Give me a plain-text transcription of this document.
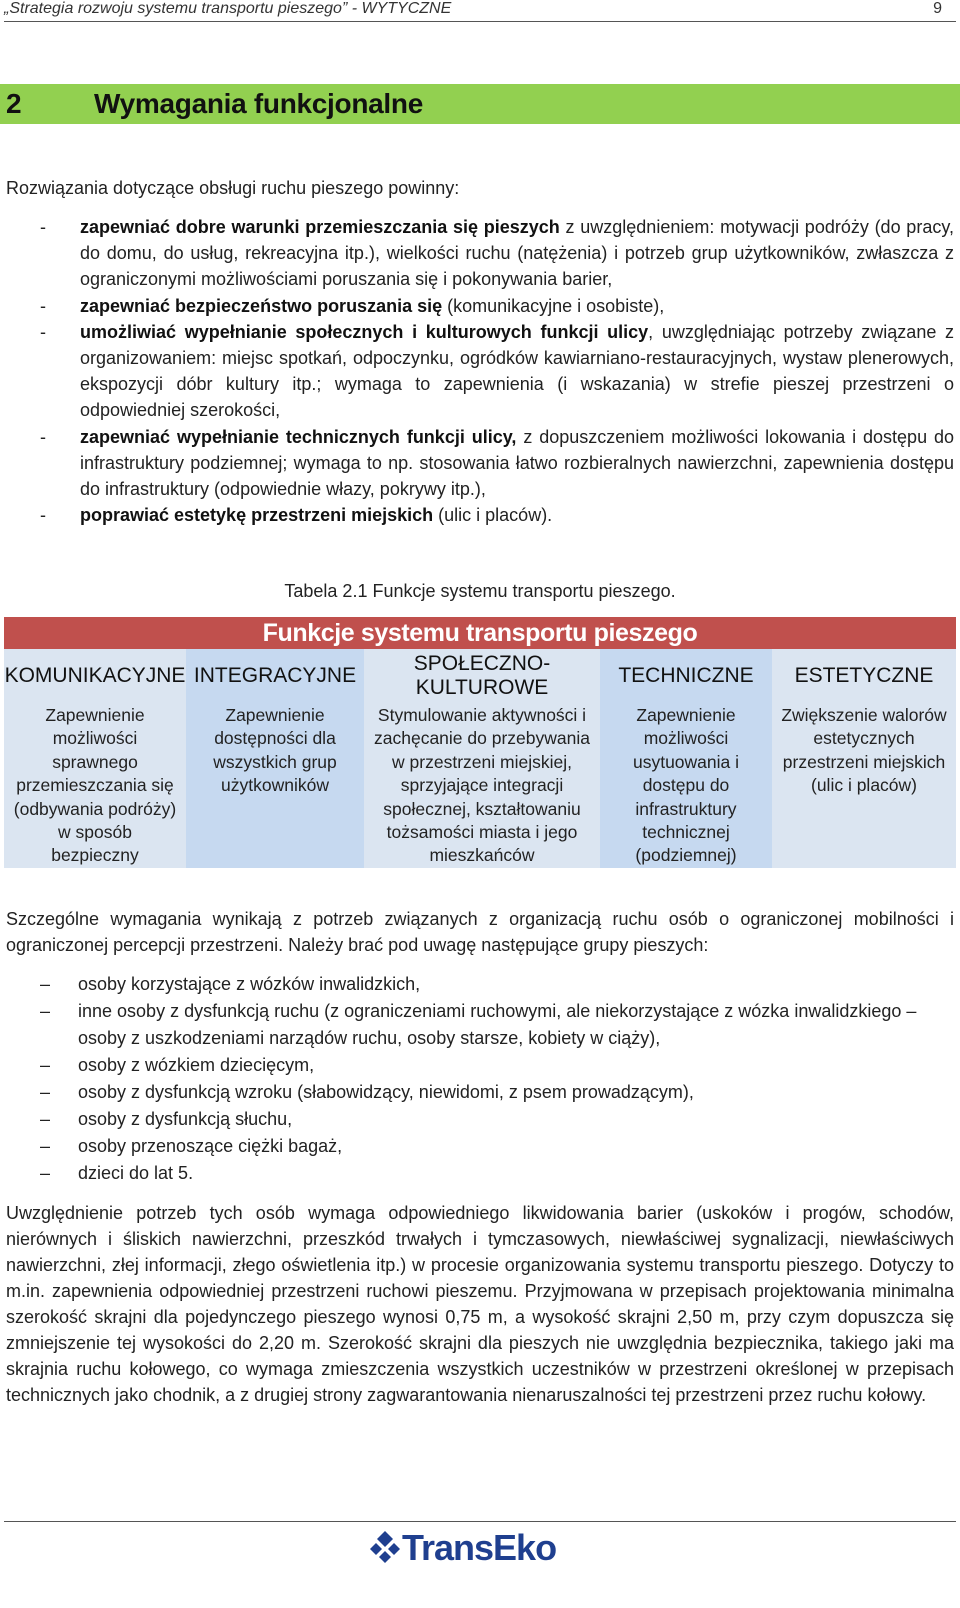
„Strategia rozwoju systemu transportu pieszego” - WYTYCZNE	9
2	Wymagania funkcjonalne

Rozwiązania dotyczące obsługi ruchu pieszego powinny:

- zapewniać dobre warunki przemieszczania się pieszych z uwzględnieniem: motywacji podróży (do pracy, do domu, do usług, rekreacyjna itp.), wielkości ruchu (natężenia) i potrzeb grup użytkowników, zwłaszcza z ograniczonymi możliwościami poruszania się i pokonywania barier,
- zapewniać bezpieczeństwo poruszania się (komunikacyjne i osobiste),
- umożliwiać wypełnianie społecznych i kulturowych funkcji ulicy, uwzględniając potrzeby związane z organizowaniem: miejsc spotkań, odpoczynku, ogródków kawiarniano-restauracyjnych, wystaw plenerowych, ekspozycji dóbr kultury itp.; wymaga to zapewnienia (i wskazania) w strefie pieszej przestrzeni o odpowiedniej szerokości,
- zapewniać wypełnianie technicznych funkcji ulicy, z dopuszczeniem możliwości lokowania i dostępu do infrastruktury podziemnej; wymaga to np. stosowania łatwo rozbieralnych nawierzchni, zapewnienia dostępu do infrastruktury (odpowiednie włazy, pokrywy itp.),
- poprawiać estetykę przestrzeni miejskich (ulic i placów).
Tabela 2.1 Funkcje systemu transportu pieszego.
Funkcje systemu transportu pieszego
KOMUNIKACYJNE
Zapewnienie możliwości sprawnego przemieszczania się (odbywania podróży) w sposób bezpieczny
INTEGRACYJNE
Zapewnienie dostępności dla wszystkich grup użytkowników
SPOŁECZNO-KULTUROWE
Stymulowanie aktywności i zachęcanie do przebywania w przestrzeni miejskiej, sprzyjające integracji społecznej, kształtowaniu tożsamości miasta i jego mieszkańców
TECHNICZNE
Zapewnienie możliwości usytuowania i dostępu do infrastruktury technicznej (podziemnej)
ESTETYCZNE
Zwiększenie walorów estetycznych przestrzeni miejskich (ulic i placów)

Szczególne wymagania wynikają z potrzeb związanych z organizacją ruchu osób o ograniczonej mobilności i ograniczonej percepcji przestrzeni. Należy brać pod uwagę następujące grupy pieszych:

– osoby korzystające z wózków inwalidzkich,
– inne osoby z dysfunkcją ruchu (z ograniczeniami ruchowymi, ale niekorzystające z wózka inwalidzkiego – osoby z uszkodzeniami narządów ruchu, osoby starsze, kobiety w ciąży),
– osoby z wózkiem dziecięcym,
– osoby z dysfunkcją wzroku (słabowidzący, niewidomi, z psem prowadzącym),
– osoby z dysfunkcją słuchu,
– osoby przenoszące ciężki bagaż,
– dzieci do lat 5.

Uwzględnienie potrzeb tych osób wymaga odpowiedniego likwidowania barier (uskoków i progów, schodów, nierównych i śliskich nawierzchni, przeszkód trwałych i tymczasowych, niewłaściwej sygnalizacji, niewłaściwych nawierzchni, złej informacji, złego oświetlenia itp.) w procesie organizowania systemu transportu pieszego. Dotyczy to m.in. zapewnienia odpowiedniej przestrzeni ruchowi pieszemu. Przyjmowana w przepisach projektowania minimalna szerokość skrajni dla pojedynczego pieszego wynosi 0,75 m, a wysokość skrajni 2,50 m, przy czym dopuszcza się zmniejszenie tej wysokości do 2,20 m. Szerokość skrajni dla pieszych nie uwzględnia bezpiecznika, takiego jaki ma skrajnia ruchu kołowego, co wymaga zmieszczenia wszystkich uczestników w przestrzeni określonej w przepisach technicznych jako chodnik, a z drugiej strony zagwarantowania nienaruszalności tej przestrzeni przez ruchu kołowy.

TransEko
